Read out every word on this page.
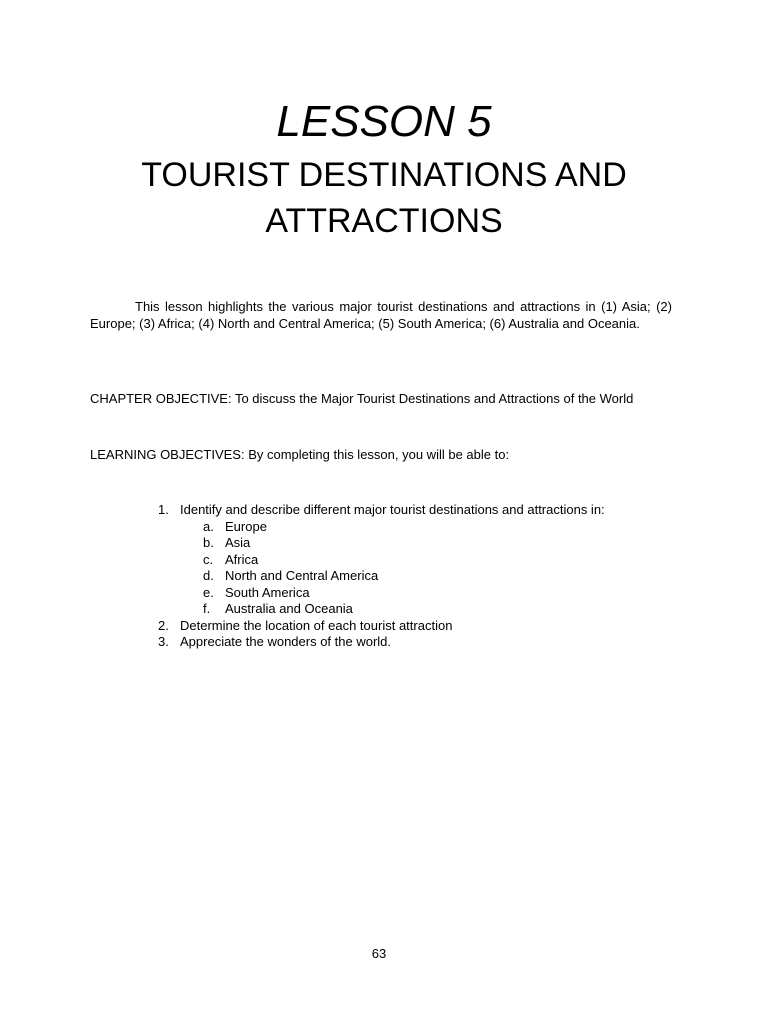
LESSON 5
TOURIST DESTINATIONS AND ATTRACTIONS

This lesson highlights the various major tourist destinations and attractions in (1) Asia; (2) Europe; (3) Africa; (4) North and Central America; (5) South America; (6) Australia and Oceania.

CHAPTER OBJECTIVE: To discuss the Major Tourist Destinations and Attractions of the World

LEARNING OBJECTIVES: By completing this lesson, you will be able to:

1. Identify and describe different major tourist destinations and attractions in:
a. Europe
b. Asia
c. Africa
d. North and Central America
e. South America
f. Australia and Oceania
2. Determine the location of each tourist attraction
3. Appreciate the wonders of the world.
63
